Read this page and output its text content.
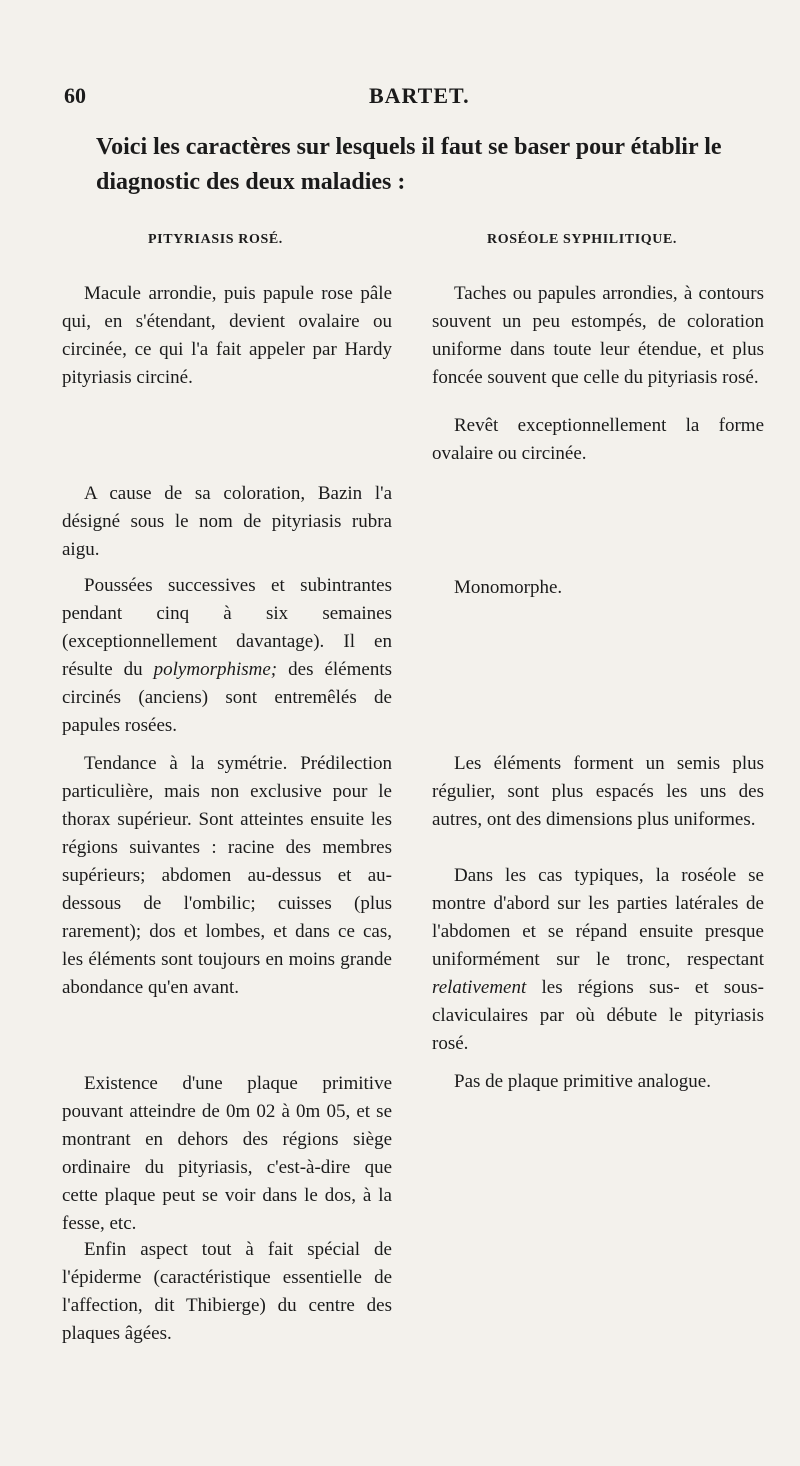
60	BARTET.
Voici les caractères sur lesquels il faut se baser pour établir le diagnostic des deux maladies :
PITYRIASIS ROSÉ.	ROSÉOLE SYPHILITIQUE.

Macule arrondie, puis papule rose pâle qui, en s'étendant, devient ovalaire ou circinée, ce qui l'a fait appeler par Hardy pityriasis circiné.

A cause de sa coloration, Bazin l'a désigné sous le nom de pityriasis rubra aigu.

Poussées successives et subintrantes pendant cinq à six semaines (exceptionnellement davantage). Il en résulte du polymorphisme; des éléments circinés (anciens) sont entremêlés de papules rosées.

Tendance à la symétrie. Prédilection particulière, mais non exclusive pour le thorax supérieur. Sont atteintes ensuite les régions suivantes : racine des membres supérieurs; abdomen au-dessus et au-dessous de l'ombilic; cuisses (plus rarement); dos et lombes, et dans ce cas, les éléments sont toujours en moins grande abondance qu'en avant.

Existence d'une plaque primitive pouvant atteindre de 0m 02 à 0m 05, et se montrant en dehors des régions siège ordinaire du pityriasis, c'est-à-dire que cette plaque peut se voir dans le dos, à la fesse, etc.

Enfin aspect tout à fait spécial de l'épiderme (caractéristique essentielle de l'affection, dit Thibierge) du centre des plaques âgées.

Taches ou papules arrondies, à contours souvent un peu estompés, de coloration uniforme dans toute leur étendue, et plus foncée souvent que celle du pityriasis rosé.

Revêt exceptionnellement la forme ovalaire ou circinée.

Monomorphe.

Les éléments forment un semis plus régulier, sont plus espacés les uns des autres, ont des dimensions plus uniformes.

Dans les cas typiques, la roséole se montre d'abord sur les parties latérales de l'abdomen et se répand ensuite presque uniformément sur le tronc, respectant relativement les régions sus- et sous-claviculaires par où débute le pityriasis rosé.

Pas de plaque primitive analogue.
